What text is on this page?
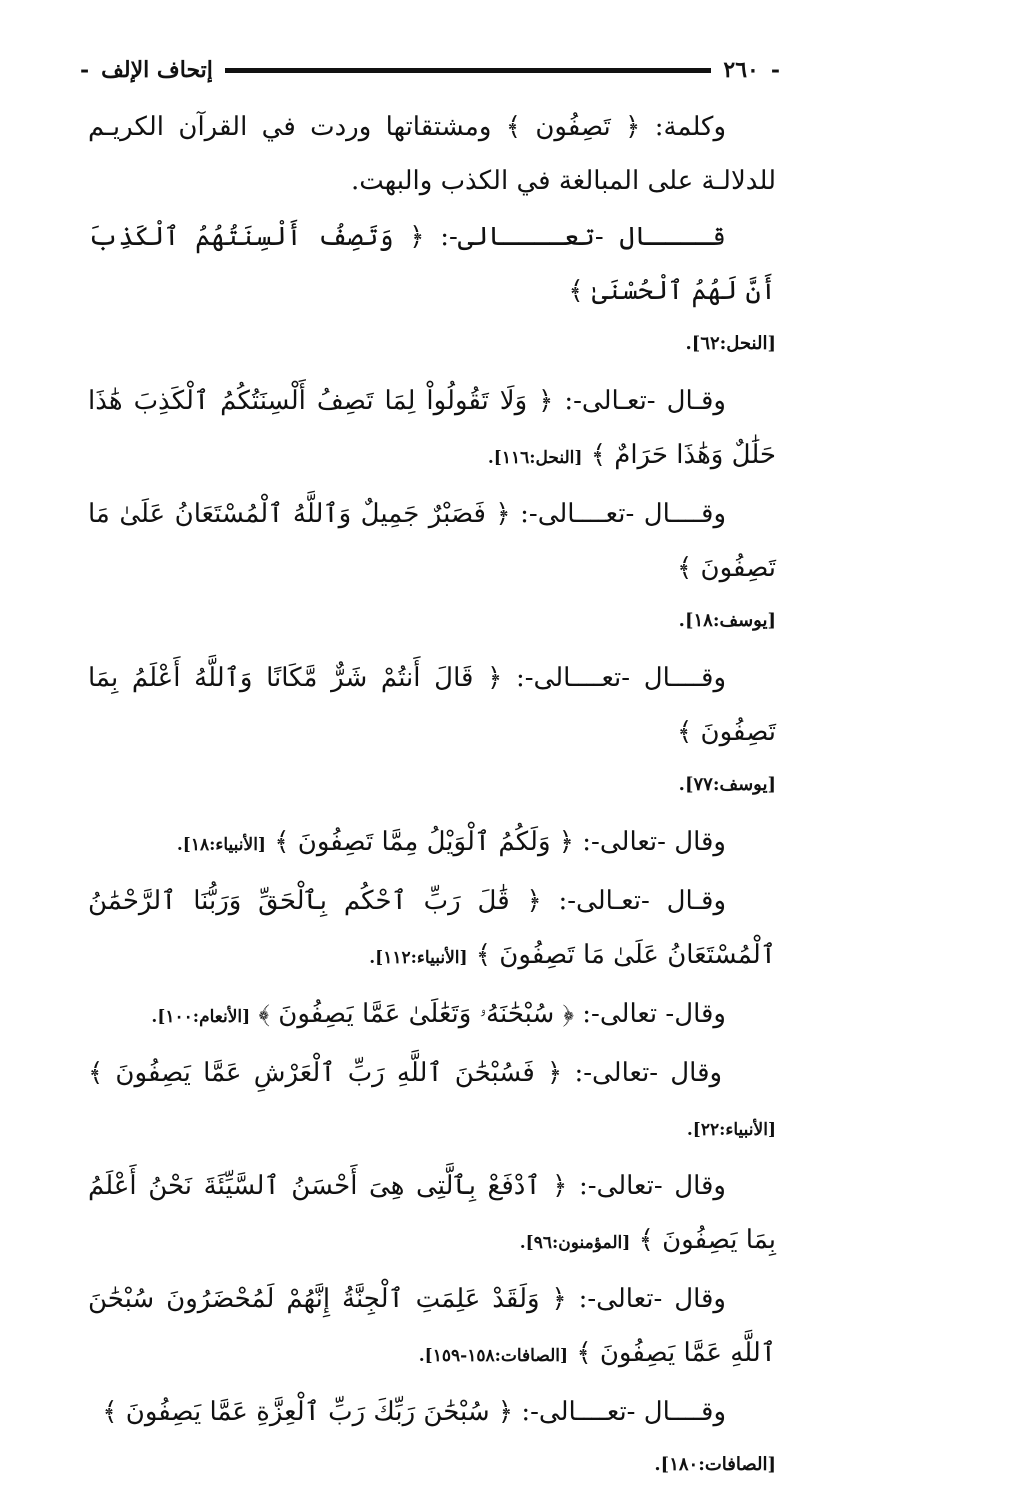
-
٢٦٠
إتحاف الإلف
-

وكلمة: ﴿ تَصِفُون ﴾ ومشتقاتها وردت في القرآن الكريـم للدلالـة على المبالغة في الكذب والبهت.

قــــال -تعــــالى-: ﴿ وَتَصِفُ أَلْسِنَتُهُمُ ٱلْكَذِبَ أَنَّ لَهُمُ ٱلْحُسْنَىٰ ﴾

[النحل:٦٢].

وقـال -تعـالى-: ﴿ وَلَا تَقُولُواْ لِمَا تَصِفُ أَلْسِنَتُكُمُ ٱلْكَذِبَ هَٰذَا حَلَٰلٌ وَهَٰذَا حَرَامٌ ﴾ [النحل:١١٦].

وقــــال -تعــــالى-: ﴿ فَصَبْرٌ جَمِيلٌ وَٱللَّهُ ٱلْمُسْتَعَانُ عَلَىٰ مَا تَصِفُونَ ﴾

[يوسف:١٨].

وقــــال -تعــــالى-: ﴿ قَالَ أَنتُمْ شَرٌّ مَّكَانًا وَٱللَّهُ أَعْلَمُ بِمَا تَصِفُونَ ﴾

[يوسف:٧٧].

وقال -تعالى-: ﴿ وَلَكُمُ ٱلْوَيْلُ مِمَّا تَصِفُونَ ﴾ [الأنبياء:١٨].

وقـال -تعـالى-: ﴿ قَٰلَ رَبِّ ٱحْكُم بِٱلْحَقِّ وَرَبُّنَا ٱلرَّحْمَٰنُ ٱلْمُسْتَعَانُ عَلَىٰ مَا تَصِفُونَ ﴾ [الأنبياء:١١٢].

وقال- تعالى-: ﴿ سُبْحَٰنَهُۥ وَتَعَٰلَىٰ عَمَّا يَصِفُونَ ﴾ [الأنعام:١٠٠].

وقال -تعالى-: ﴿ فَسُبْحَٰنَ ٱللَّهِ رَبِّ ٱلْعَرْشِ عَمَّا يَصِفُونَ ﴾ [الأنبياء:٢٢].

وقال -تعالى-: ﴿ ٱدْفَعْ بِٱلَّتِى هِىَ أَحْسَنُ ٱلسَّيِّئَةَ نَحْنُ أَعْلَمُ بِمَا يَصِفُونَ ﴾ [المؤمنون:٩٦].

وقال -تعالى-: ﴿ وَلَقَدْ عَلِمَتِ ٱلْجِنَّةُ إِنَّهُمْ لَمُحْضَرُونَ سُبْحَٰنَ ٱللَّهِ عَمَّا يَصِفُونَ ﴾ [الصافات:١٥٨-١٥٩].

وقــــال -تعــــالى-: ﴿ سُبْحَٰنَ رَبِّكَ رَبِّ ٱلْعِزَّةِ عَمَّا يَصِفُونَ ﴾

[الصافات:١٨٠].
